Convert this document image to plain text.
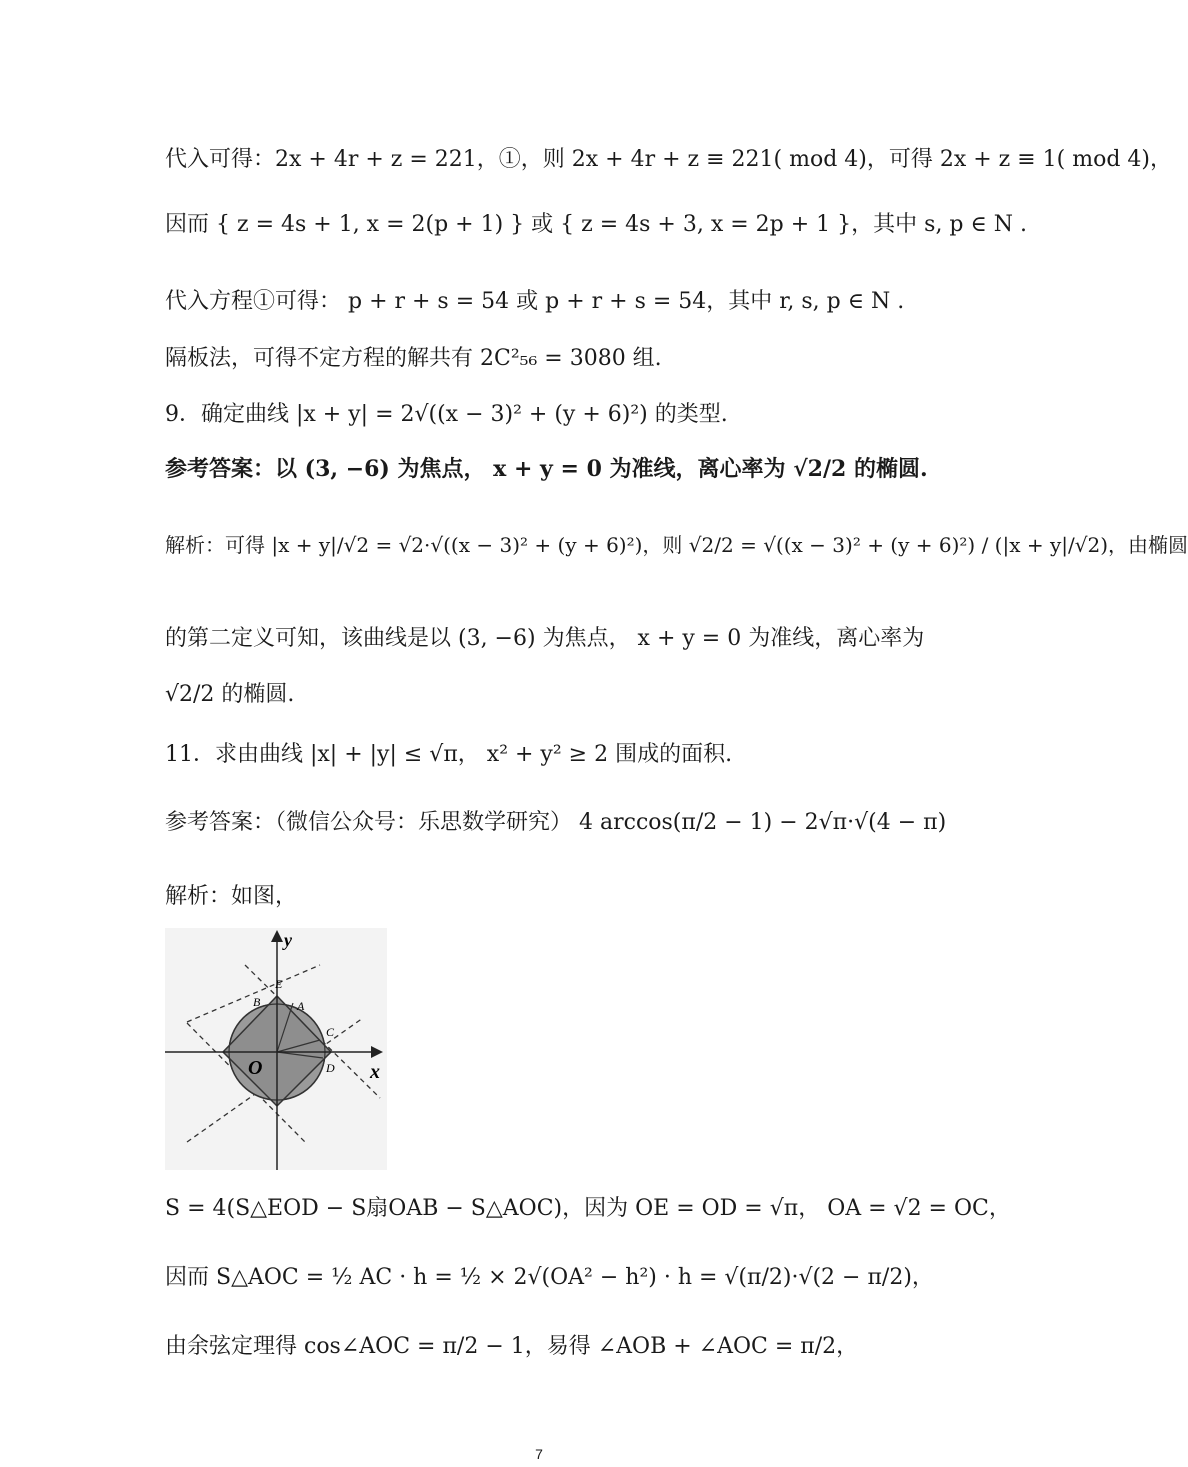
代入可得：2x + 4r + z = 221，①，则 2x + 4r + z ≡ 221( mod 4)，可得 2x + z ≡ 1( mod 4)，
因而 { z = 4s + 1, x = 2(p + 1) } 或 { z = 4s + 3, x = 2p + 1 }，其中 s, p ∈ N .
代入方程①可得： p + r + s = 54 或 p + r + s = 54，其中 r, s, p ∈ N .
隔板法，可得不定方程的解共有 2C²₅₆ = 3080 组.
9．确定曲线 |x + y| = 2√((x − 3)² + (y + 6)²) 的类型.
参考答案：以 (3, −6) 为焦点， x + y = 0 为准线，离心率为 √2/2 的椭圆.
解析：可得 |x + y|/√2 = √2·√((x − 3)² + (y + 6)²)，则 √2/2 = √((x − 3)² + (y + 6)²) / (|x + y|/√2)，由椭圆
的第二定义可知，该曲线是以 (3, −6) 为焦点， x + y = 0 为准线，离心率为
√2/2 的椭圆.
11．求由曲线 |x| + |y| ≤ √π， x² + y² ≥ 2 围成的面积.
参考答案：（微信公众号：乐思数学研究） 4 arccos(π/2 − 1) − 2√π·√(4 − π)
解析：如图，
y
x
O
A
B
C
D
E
S = 4(S△EOD − S扇OAB − S△AOC)，因为 OE = OD = √π， OA = √2 = OC，
因而 S△AOC = ½ AC · h = ½ × 2√(OA² − h²) · h = √(π/2)·√(2 − π/2)，
由余弦定理得 cos∠AOC = π/2 − 1，易得 ∠AOB + ∠AOC = π/2，
7
